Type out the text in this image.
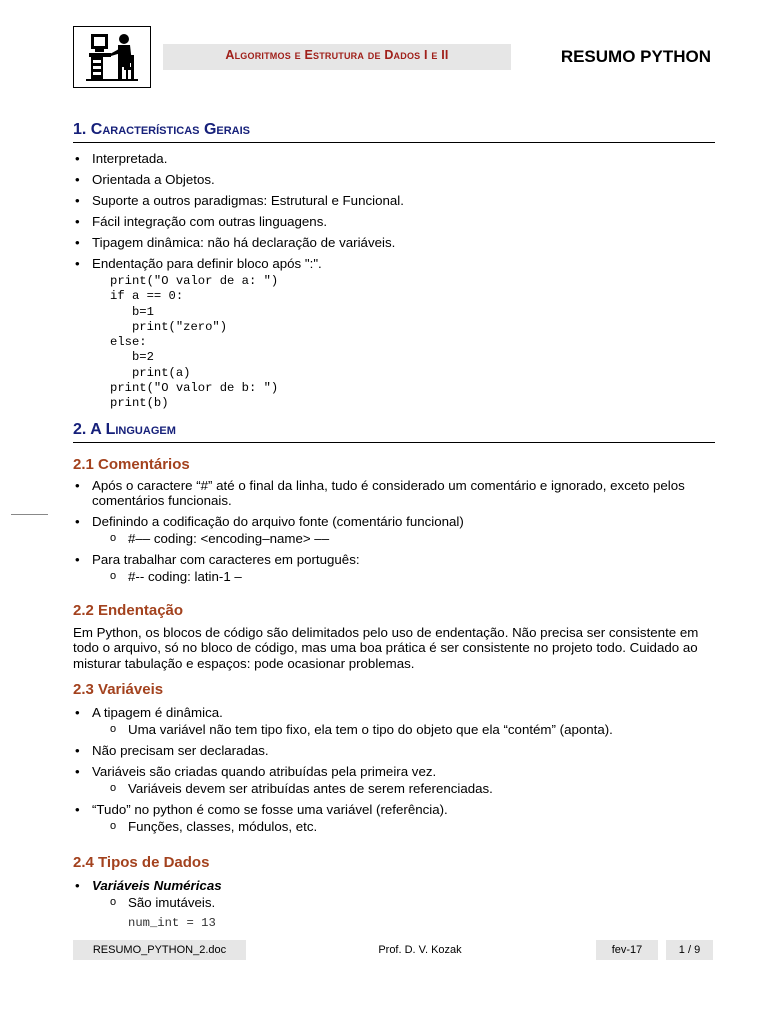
Algoritmos e Estrutura de Dados I e II	RESUMO PYTHON
1. Características Gerais
• Interpretada.
• Orientada a Objetos.
• Suporte a outros paradigmas: Estrutural e Funcional.
• Fácil integração com outras linguagens.
• Tipagem dinâmica: não há declaração de variáveis.
• Endentação para definir bloco após ":".
print("O valor de a: ")
if a == 0:
b=1
print("zero")
else:
b=2
print(a)
print("O valor de b: ")
print(b)
2. A Linguagem
2.1 Comentários
• Após o caractere “#” até o final da linha, tudo é considerado um comentário e ignorado, exceto pelos comentários funcionais.
• Definindo a codificação do arquivo fonte (comentário funcional)
o #–– coding: <encoding–name> ––
• Para trabalhar com caracteres em português:
o #-- coding: latin-1 –
2.2 Endentação

Em Python, os blocos de código são delimitados pelo uso de endentação. Não precisa ser consistente em todo o arquivo, só no bloco de código, mas uma boa prática é ser consistente no projeto todo. Cuidado ao misturar tabulação e espaços: pode ocasionar problemas.

2.3 Variáveis
• A tipagem é dinâmica.
o Uma variável não tem tipo fixo, ela tem o tipo do objeto que ela “contém” (aponta).
• Não precisam ser declaradas.
• Variáveis são criadas quando atribuídas pela primeira vez.
o Variáveis devem ser atribuídas antes de serem referenciadas.
• “Tudo” no python é como se fosse uma variável (referência).
o Funções, classes, módulos, etc.
2.4 Tipos de Dados
• Variáveis Numéricas
o São imutáveis.
num_int = 13
RESUMO_PYTHON_2.doc	Prof. D. V. Kozak	fev-17	1 / 9
